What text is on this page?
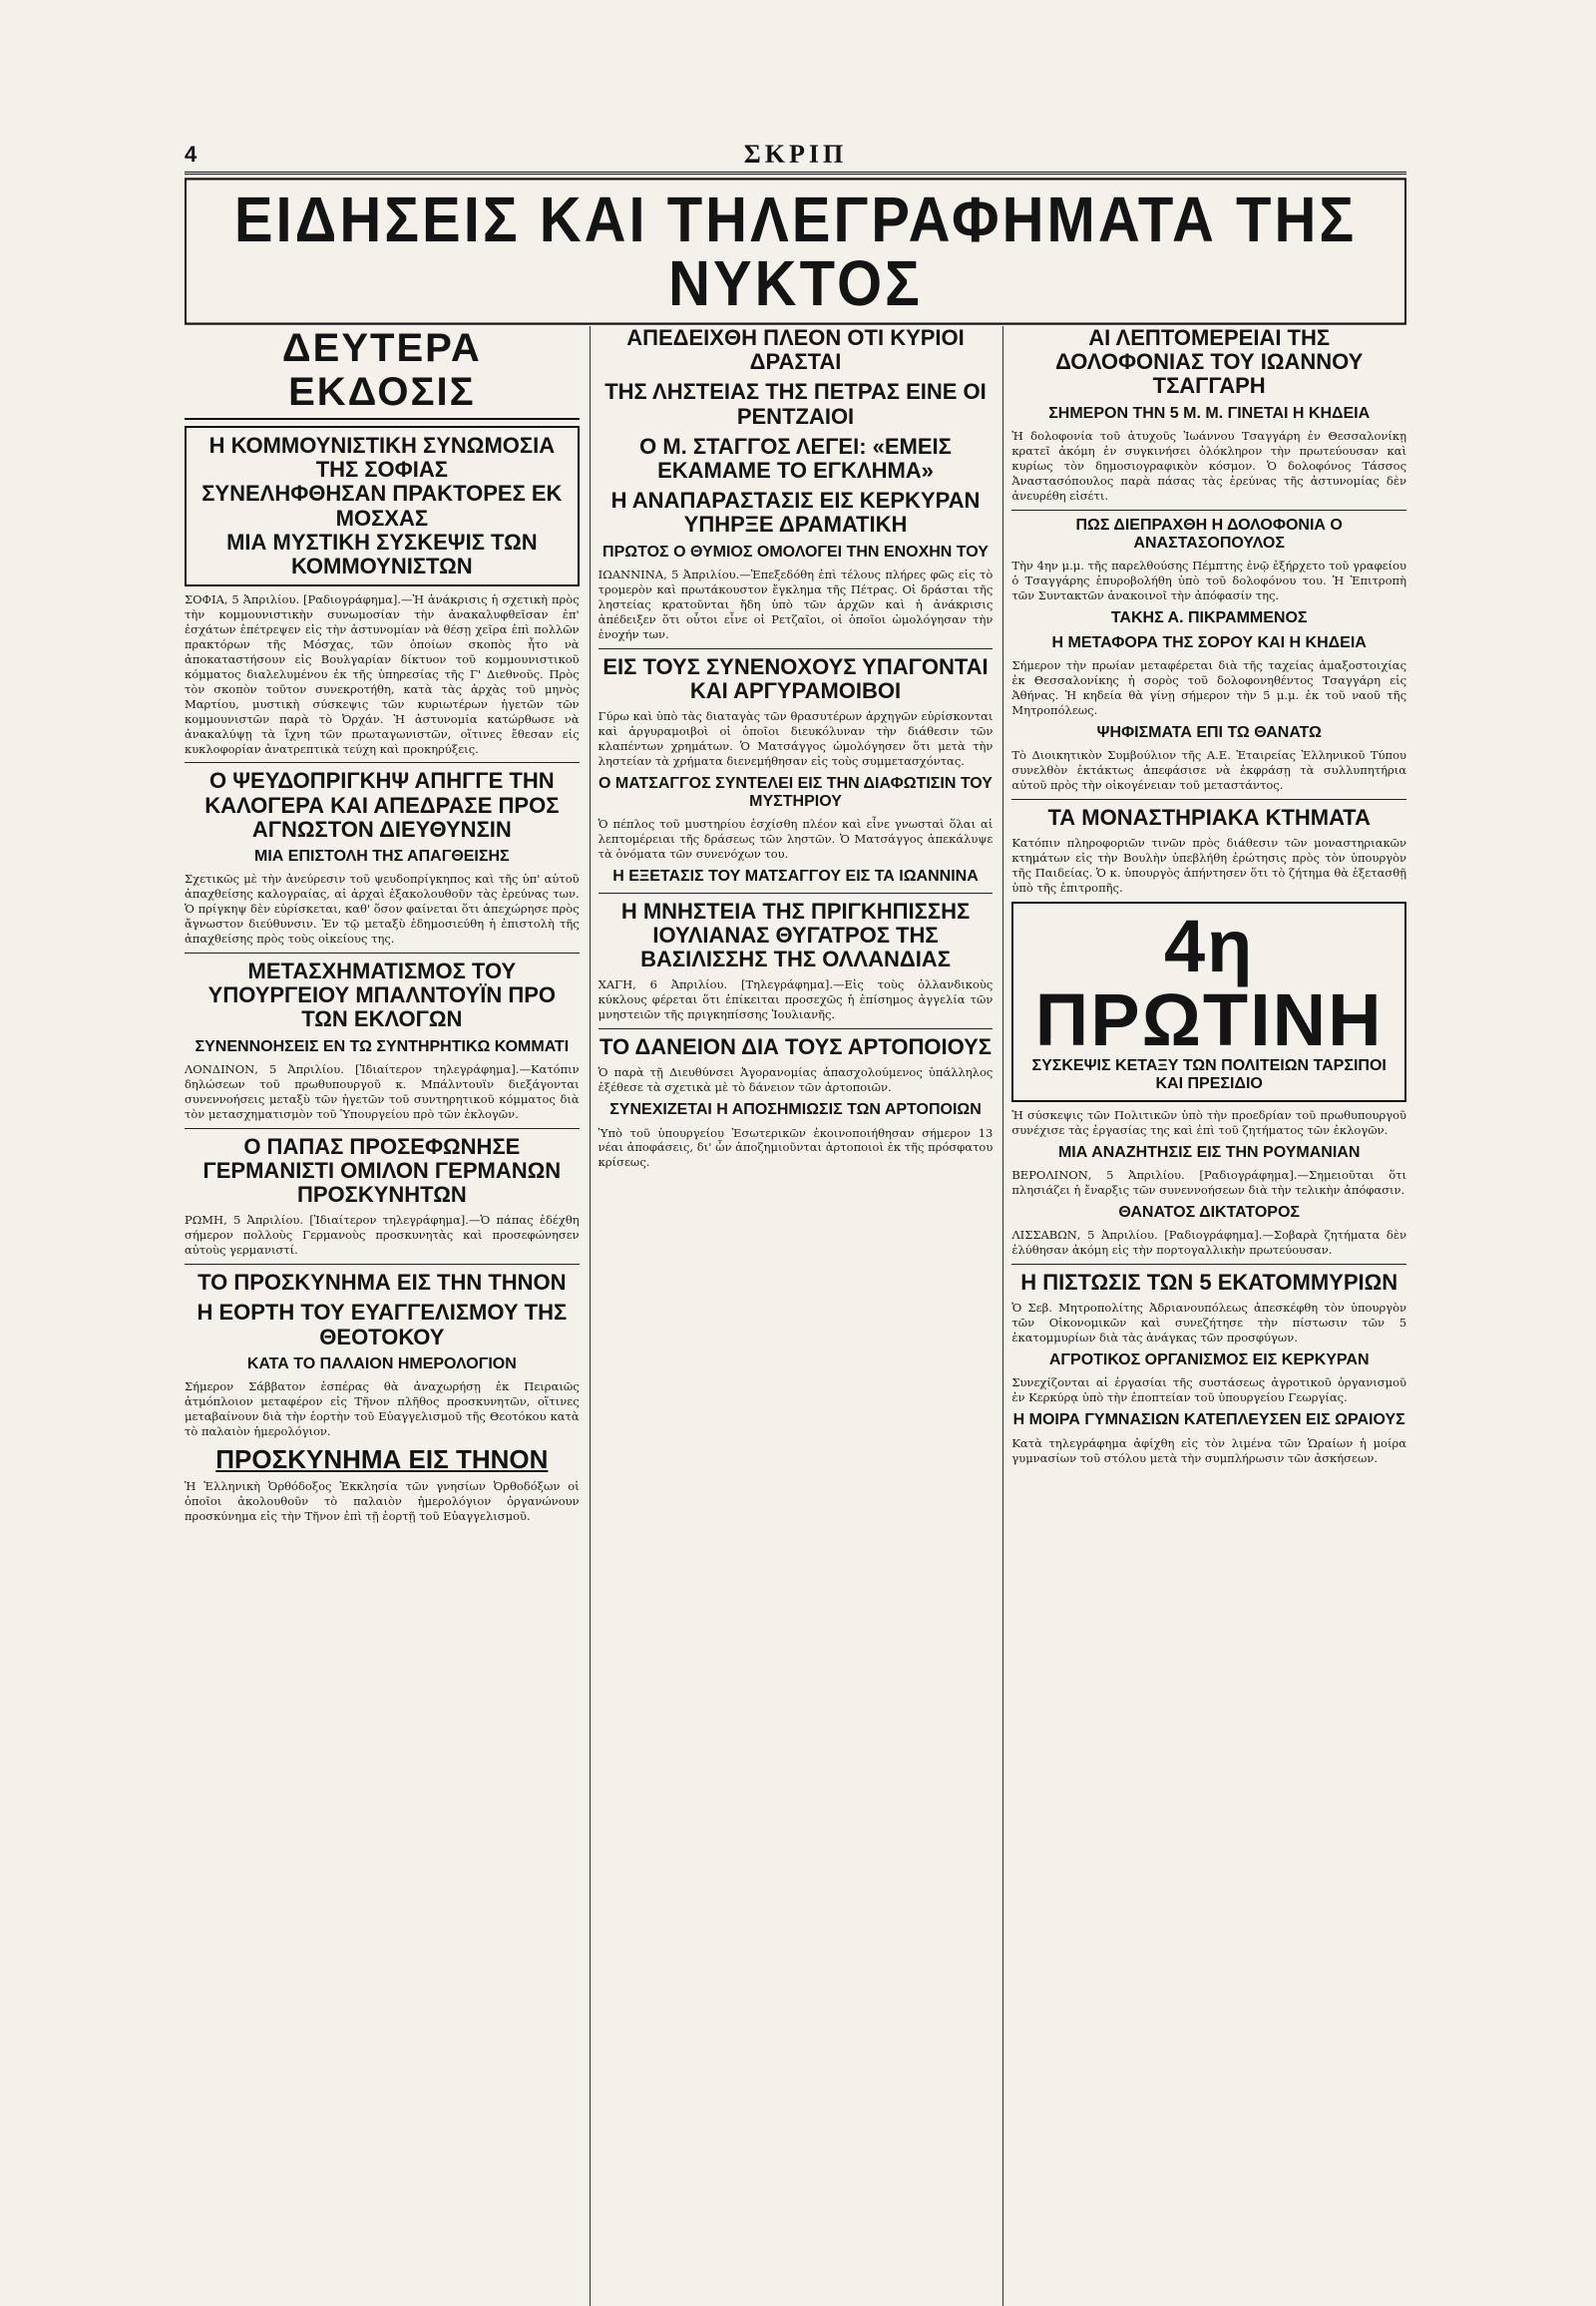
4	ΣΚΡΙΠ
ΕΙΔΗΣΕΙΣ ΚΑΙ ΤΗΛΕΓΡΑΦΗΜΑΤΑ ΤΗΣ ΝΥΚΤΟΣ
ΔΕΥΤΕΡΑ ΕΚΔΟΣΙΣ
Η ΚΟΜΜΟΥΝΙΣΤΙΚΗ ΣΥΝΩΜΟΣΙΑ ΤΗΣ ΣΟΦΙΑΣ
ΣΥΝΕΛΗΦΘΗΣΑΝ ΠΡΑΚΤΟΡΕΣ ΕΚ ΜΟΣΧΑΣ
ΜΙΑ ΜΥΣΤΙΚΗ ΣΥΣΚΕΨΙΣ ΤΩΝ ΚΟΜΜΟΥΝΙΣΤΩΝ

ΣΟΦΙΑ, 5 Ἀπριλίου. [Ραδιογράφημα].—Ἡ ἀνάκρισις ἡ σχετικὴ πρὸς τὴν κομμουνιστικὴν συνωμοσίαν τὴν ἀνακαλυφθεῖσαν ἐπ' ἐσχάτων ἐπέτρεψεν εἰς τὴν ἀστυνομίαν νὰ θέσῃ χεῖρα ἐπὶ πολλῶν πρακτόρων τῆς Μόσχας, τῶν ὁποίων σκοπὸς ἦτο νὰ ἀποκαταστήσουν εἰς Βουλγαρίαν δίκτυον τοῦ κομμουνιστικοῦ κόμματος διαλελυμένου ἐκ τῆς ὑπηρεσίας τῆς Γ' Διεθνοῦς. Πρὸς τὸν σκοπὸν τοῦτον συνεκροτήθη, κατὰ τὰς ἀρχὰς τοῦ μηνὸς Μαρτίου, μυστικὴ σύσκεψις τῶν κυριωτέρων ἡγετῶν τῶν κομμουνιστῶν παρὰ τὸ Ὀρχάν. Ἡ ἀστυνομία κατώρθωσε νὰ ἀνακαλύψῃ τὰ ἴχνη τῶν πρωταγωνιστῶν, οἵτινες ἔθεσαν εἰς κυκλοφορίαν ἀνατρεπτικὰ τεύχη καὶ προκηρύξεις.

Ο ΨΕΥΔΟΠΡΙΓΚΗΨ ΑΠΗΓΓΕ ΤΗΝ ΚΑΛΟΓΕΡΑ ΚΑΙ ΑΠΕΔΡΑΣΕ ΠΡΟΣ ΑΓΝΩΣΤΟΝ ΔΙΕΥΘΥΝΣΙΝ
ΜΙΑ ΕΠΙΣΤΟΛΗ ΤΗΣ ΑΠΑΓΘΕΙΣΗΣ

Σχετικῶς μὲ τὴν ἀνεύρεσιν τοῦ ψευδοπρίγκηπος καὶ τῆς ὑπ' αὐτοῦ ἀπαχθείσης καλογραίας, αἱ ἀρχαὶ ἐξακολουθοῦν τὰς ἐρεύνας των. Ὁ πρίγκηψ δὲν εὑρίσκεται, καθ' ὅσον φαίνεται ὅτι ἀπεχώρησε πρὸς ἄγνωστον διεύθυνσιν. Ἐν τῷ μεταξὺ ἐδημοσιεύθη ἡ ἐπιστολὴ τῆς ἀπαχθείσης πρὸς τοὺς οἰκείους της.

ΜΕΤΑΣΧΗΜΑΤΙΣΜΟΣ ΤΟΥ ΥΠΟΥΡΓΕΙΟΥ ΜΠΑΛΝΤΟΥΪΝ ΠΡΟ ΤΩΝ ΕΚΛΟΓΩΝ
ΣΥΝΕΝΝΟΗΣΕΙΣ ΕΝ ΤΩ ΣΥΝΤΗΡΗΤΙΚΩ ΚΟΜΜΑΤΙ

ΛΟΝΔΙΝΟΝ, 5 Ἀπριλίου. [Ἰδιαίτερον τηλεγράφημα].—Κατόπιν δηλώσεων τοῦ πρωθυπουργοῦ κ. Μπάλντουϊν διεξάγονται συνεννοήσεις μεταξὺ τῶν ἡγετῶν τοῦ συντηρητικοῦ κόμματος διὰ τὸν μετασχηματισμὸν τοῦ Ὑπουργείου πρὸ τῶν ἐκλογῶν.

Ο ΠΑΠΑΣ ΠΡΟΣΕΦΩΝΗΣΕ ΓΕΡΜΑΝΙΣΤΙ ΟΜΙΛΟΝ ΓΕΡΜΑΝΩΝ ΠΡΟΣΚΥΝΗΤΩΝ

ΡΩΜΗ, 5 Ἀπριλίου. [Ἰδιαίτερον τηλεγράφημα].—Ὁ πάπας ἐδέχθη σήμερον πολλοὺς Γερμανοὺς προσκυνητὰς καὶ προσεφώνησεν αὐτοὺς γερμανιστί.

ΤΟ ΠΡΟΣΚΥΝΗΜΑ ΕΙΣ ΤΗΝ ΤΗΝΟΝ
Η ΕΟΡΤΗ ΤΟΥ ΕΥΑΓΓΕΛΙΣΜΟΥ ΤΗΣ ΘΕΟΤΟΚΟΥ
ΚΑΤΑ ΤΟ ΠΑΛΑΙΟΝ ΗΜΕΡΟΛΟΓΙΟΝ

Σήμερον Σάββατον ἐσπέρας θὰ ἀναχωρήσῃ ἐκ Πειραιῶς ἀτμόπλοιον μεταφέρον εἰς Τῆνον πλῆθος προσκυνητῶν, οἵτινες μεταβαίνουν διὰ τὴν ἑορτὴν τοῦ Εὐαγγελισμοῦ τῆς Θεοτόκου κατὰ τὸ παλαιὸν ἡμερολόγιον.

ΠΡΟΣΚΥΝΗΜΑ ΕΙΣ ΤΗΝΟΝ

Ἡ Ἑλληνικὴ Ὀρθόδοξος Ἐκκλησία τῶν γνησίων Ὀρθοδόξων οἱ ὁποῖοι ἀκολουθοῦν τὸ παλαιὸν ἡμερολόγιον ὀργανώνουν προσκύνημα εἰς τὴν Τῆνον ἐπὶ τῇ ἑορτῇ τοῦ Εὐαγγελισμοῦ.

ΑΠΕΔΕΙΧΘΗ ΠΛΕΟΝ ΟΤΙ ΚΥΡΙΟΙ ΔΡΑΣΤΑΙ
ΤΗΣ ΛΗΣΤΕΙΑΣ ΤΗΣ ΠΕΤΡΑΣ ΕΙΝΕ ΟΙ ΡΕΝΤΖΑΙΟΙ
Ο Μ. ΣΤΑΓΓΟΣ ΛΕΓΕΙ: «ΕΜΕΙΣ ΕΚΑΜΑΜΕ ΤΟ ΕΓΚΛΗΜΑ»
Η ΑΝΑΠΑΡΑΣΤΑΣΙΣ ΕΙΣ ΚΕΡΚΥΡΑΝ ΥΠΗΡΞΕ ΔΡΑΜΑΤΙΚΗ
ΠΡΩΤΟΣ Ο ΘΥΜΙΟΣ ΟΜΟΛΟΓΕΙ ΤΗΝ ΕΝΟΧΗΝ ΤΟΥ

ΙΩΑΝΝΙΝΑ, 5 Ἀπριλίου.—Ἐπεξεδόθη ἐπὶ τέλους πλήρες φῶς εἰς τὸ τρομερὸν καὶ πρωτάκουστον ἔγκλημα τῆς Πέτρας. Οἱ δράσται τῆς ληστείας κρατοῦνται ἤδη ὑπὸ τῶν ἀρχῶν καὶ ἡ ἀνάκρισις ἀπέδειξεν ὅτι οὗτοι εἶνε οἱ Ρετζαῖοι, οἱ ὁποῖοι ὡμολόγησαν τὴν ἐνοχήν των.

ΕΙΣ ΤΟΥΣ ΣΥΝΕΝΟΧΟΥΣ ΥΠΑΓΟΝΤΑΙ ΚΑΙ ΑΡΓΥΡΑΜΟΙΒΟΙ

Γύρω καὶ ὑπὸ τὰς διαταγὰς τῶν θρασυτέρων ἀρχηγῶν εὑρίσκονται καὶ ἀργυραμοιβοὶ οἱ ὁποῖοι διευκόλυναν τὴν διάθεσιν τῶν κλαπέντων χρημάτων. Ὁ Ματσάγγος ὡμολόγησεν ὅτι μετὰ τὴν ληστείαν τὰ χρήματα διενεμήθησαν εἰς τοὺς συμμετασχόντας.

Ο ΜΑΤΣΑΓΓΟΣ ΣΥΝΤΕΛΕΙ ΕΙΣ ΤΗΝ ΔΙΑΦΩΤΙΣΙΝ ΤΟΥ ΜΥΣΤΗΡΙΟΥ

Ὁ πέπλος τοῦ μυστηρίου ἐσχίσθη πλέον καὶ εἶνε γνωσταὶ ὅλαι αἱ λεπτομέρειαι τῆς δράσεως τῶν ληστῶν. Ὁ Ματσάγγος ἀπεκάλυψε τὰ ὀνόματα τῶν συνενόχων του.

Η ΕΞΕΤΑΣΙΣ ΤΟΥ ΜΑΤΣΑΓΓΟΥ ΕΙΣ ΤΑ ΙΩΑΝΝΙΝΑ
Η ΜΝΗΣΤΕΙΑ ΤΗΣ ΠΡΙΓΚΗΠΙΣΣΗΣ ΙΟΥΛΙΑΝΑΣ ΘΥΓΑΤΡΟΣ ΤΗΣ ΒΑΣΙΛΙΣΣΗΣ ΤΗΣ ΟΛΛΑΝΔΙΑΣ

ΧΑΓΗ, 6 Ἀπριλίου. [Τηλεγράφημα].—Εἰς τοὺς ὁλλανδικοὺς κύκλους φέρεται ὅτι ἐπίκειται προσεχῶς ἡ ἐπίσημος ἀγγελία τῶν μνηστειῶν τῆς πριγκηπίσσης Ἰουλιανῆς.

ΤΟ ΔΑΝΕΙΟΝ ΔΙΑ ΤΟΥΣ ΑΡΤΟΠΟΙΟΥΣ

Ὁ παρὰ τῇ Διευθύνσει Ἀγορανομίας ἀπασχολούμενος ὑπάλληλος ἐξέθεσε τὰ σχετικὰ μὲ τὸ δάνειον τῶν ἀρτοποιῶν.

ΣΥΝΕΧΙΖΕΤΑΙ Η ΑΠΟΣΗΜΙΩΣΙΣ ΤΩΝ ΑΡΤΟΠΟΙΩΝ

Ὑπὸ τοῦ ὑπουργείου Ἐσωτερικῶν ἐκοινοποιήθησαν σήμερον 13 νέαι ἀποφάσεις, δι' ὧν ἀποζημιοῦνται ἀρτοποιοὶ ἐκ τῆς πρόσφατου κρίσεως.

ΑΙ ΛΕΠΤΟΜΕΡΕΙΑΙ ΤΗΣ ΔΟΛΟΦΟΝΙΑΣ ΤΟΥ ΙΩΑΝΝΟΥ ΤΣΑΓΓΑΡΗ
ΣΗΜΕΡΟΝ ΤΗΝ 5 Μ. Μ. ΓΙΝΕΤΑΙ Η ΚΗΔΕΙΑ

Ἡ δολοφονία τοῦ ἀτυχοῦς Ἰωάννου Τσαγγάρη ἐν Θεσσαλονίκῃ κρατεῖ ἀκόμη ἐν συγκινήσει ὁλόκληρον τὴν πρωτεύουσαν καὶ κυρίως τὸν δημοσιογραφικὸν κόσμον. Ὁ δολοφόνος Τάσσος Ἀναστασόπουλος παρὰ πάσας τὰς ἐρεύνας τῆς ἀστυνομίας δὲν ἀνευρέθη εἰσέτι.

ΠΩΣ ΔΙΕΠΡΑΧΘΗ Η ΔΟΛΟΦΟΝΙΑ Ο ΑΝΑΣΤΑΣΟΠΟΥΛΟΣ

Τὴν 4ην μ.μ. τῆς παρελθούσης Πέμπτης ἐνῷ ἐξήρχετο τοῦ γραφείου ὁ Τσαγγάρης ἐπυροβολήθη ὑπὸ τοῦ δολοφόνου του. Ἡ Ἐπιτροπὴ τῶν Συντακτῶν ἀνακοινοῖ τὴν ἀπόφασίν της.

ΤΑΚΗΣ Α. ΠΙΚΡΑΜΜΕΝΟΣ
Η ΜΕΤΑΦΟΡΑ ΤΗΣ ΣΟΡΟΥ ΚΑΙ Η ΚΗΔΕΙΑ

Σήμερον τὴν πρωίαν μεταφέρεται διὰ τῆς ταχείας ἁμαξοστοιχίας ἐκ Θεσσαλονίκης ἡ σορὸς τοῦ δολοφονηθέντος Τσαγγάρη εἰς Ἀθήνας. Ἡ κηδεία θὰ γίνῃ σήμερον τὴν 5 μ.μ. ἐκ τοῦ ναοῦ τῆς Μητροπόλεως.

ΨΗΦΙΣΜΑΤΑ ΕΠΙ ΤΩ ΘΑΝΑΤΩ

Τὸ Διοικητικὸν Συμβούλιον τῆς Α.Ε. Ἑταιρείας Ἑλληνικοῦ Τύπου συνελθὸν ἐκτάκτως ἀπεφάσισε νὰ ἐκφράσῃ τὰ συλλυπητήρια αὐτοῦ πρὸς τὴν οἰκογένειαν τοῦ μεταστάντος.

ΤΑ ΜΟΝΑΣΤΗΡΙΑΚΑ ΚΤΗΜΑΤΑ

Κατόπιν πληροφοριῶν τινῶν πρὸς διάθεσιν τῶν μοναστηριακῶν κτημάτων εἰς τὴν Βουλὴν ὑπεβλήθη ἐρώτησις πρὸς τὸν ὑπουργὸν τῆς Παιδείας. Ὁ κ. ὑπουργὸς ἀπήντησεν ὅτι τὸ ζήτημα θὰ ἐξετασθῇ ὑπὸ τῆς ἐπιτροπῆς.

4η ΠΡΩΤΙΝΗ
ΣΥΣΚΕΨΙΣ ΚΕΤΑΞΥ ΤΩΝ ΠΟΛΙΤΕΙΩΝ ΤΑΡΣΙΠΟΙ ΚΑΙ ΠΡΕΣΙΔΙΟ

Ἡ σύσκεψις τῶν Πολιτικῶν ὑπὸ τὴν προεδρίαν τοῦ πρωθυπουργοῦ συνέχισε τὰς ἐργασίας της καὶ ἐπὶ τοῦ ζητήματος τῶν ἐκλογῶν.

ΜΙΑ ΑΝΑΖΗΤΗΣΙΣ ΕΙΣ ΤΗΝ ΡΟΥΜΑΝΙΑΝ

ΒΕΡΟΛΙΝΟΝ, 5 Ἀπριλίου. [Ραδιογράφημα].—Σημειοῦται ὅτι πλησιάζει ἡ ἔναρξις τῶν συνεννοήσεων διὰ τὴν τελικὴν ἀπόφασιν.

ΘΑΝΑΤΟΣ ΔΙΚΤΑΤΟΡΟΣ

ΛΙΣΣΑΒΩΝ, 5 Ἀπριλίου. [Ραδιογράφημα].—Σοβαρὰ ζητήματα δὲν ἐλύθησαν ἀκόμη εἰς τὴν πορτογαλλικὴν πρωτεύουσαν.

Η ΠΙΣΤΩΣΙΣ ΤΩΝ 5 ΕΚΑΤΟΜΜΥΡΙΩΝ

Ὁ Σεβ. Μητροπολίτης Ἀδριανουπόλεως ἀπεσκέφθη τὸν ὑπουργὸν τῶν Οἰκονομικῶν καὶ συνεζήτησε τὴν πίστωσιν τῶν 5 ἑκατομμυρίων διὰ τὰς ἀνάγκας τῶν προσφύγων.

ΑΓΡΟΤΙΚΟΣ ΟΡΓΑΝΙΣΜΟΣ ΕΙΣ ΚΕΡΚΥΡΑΝ

Συνεχίζονται αἱ ἐργασίαι τῆς συστάσεως ἀγροτικοῦ ὀργανισμοῦ ἐν Κερκύρᾳ ὑπὸ τὴν ἐποπτείαν τοῦ ὑπουργείου Γεωργίας.

Η ΜΟΙΡΑ ΓΥΜΝΑΣΙΩΝ ΚΑΤΕΠΛΕΥΣΕΝ ΕΙΣ ΩΡΑΙΟΥΣ

Κατὰ τηλεγράφημα ἀφίχθη εἰς τὸν λιμένα τῶν Ὡραίων ἡ μοίρα γυμνασίων τοῦ στόλου μετὰ τὴν συμπλήρωσιν τῶν ἀσκήσεων.
